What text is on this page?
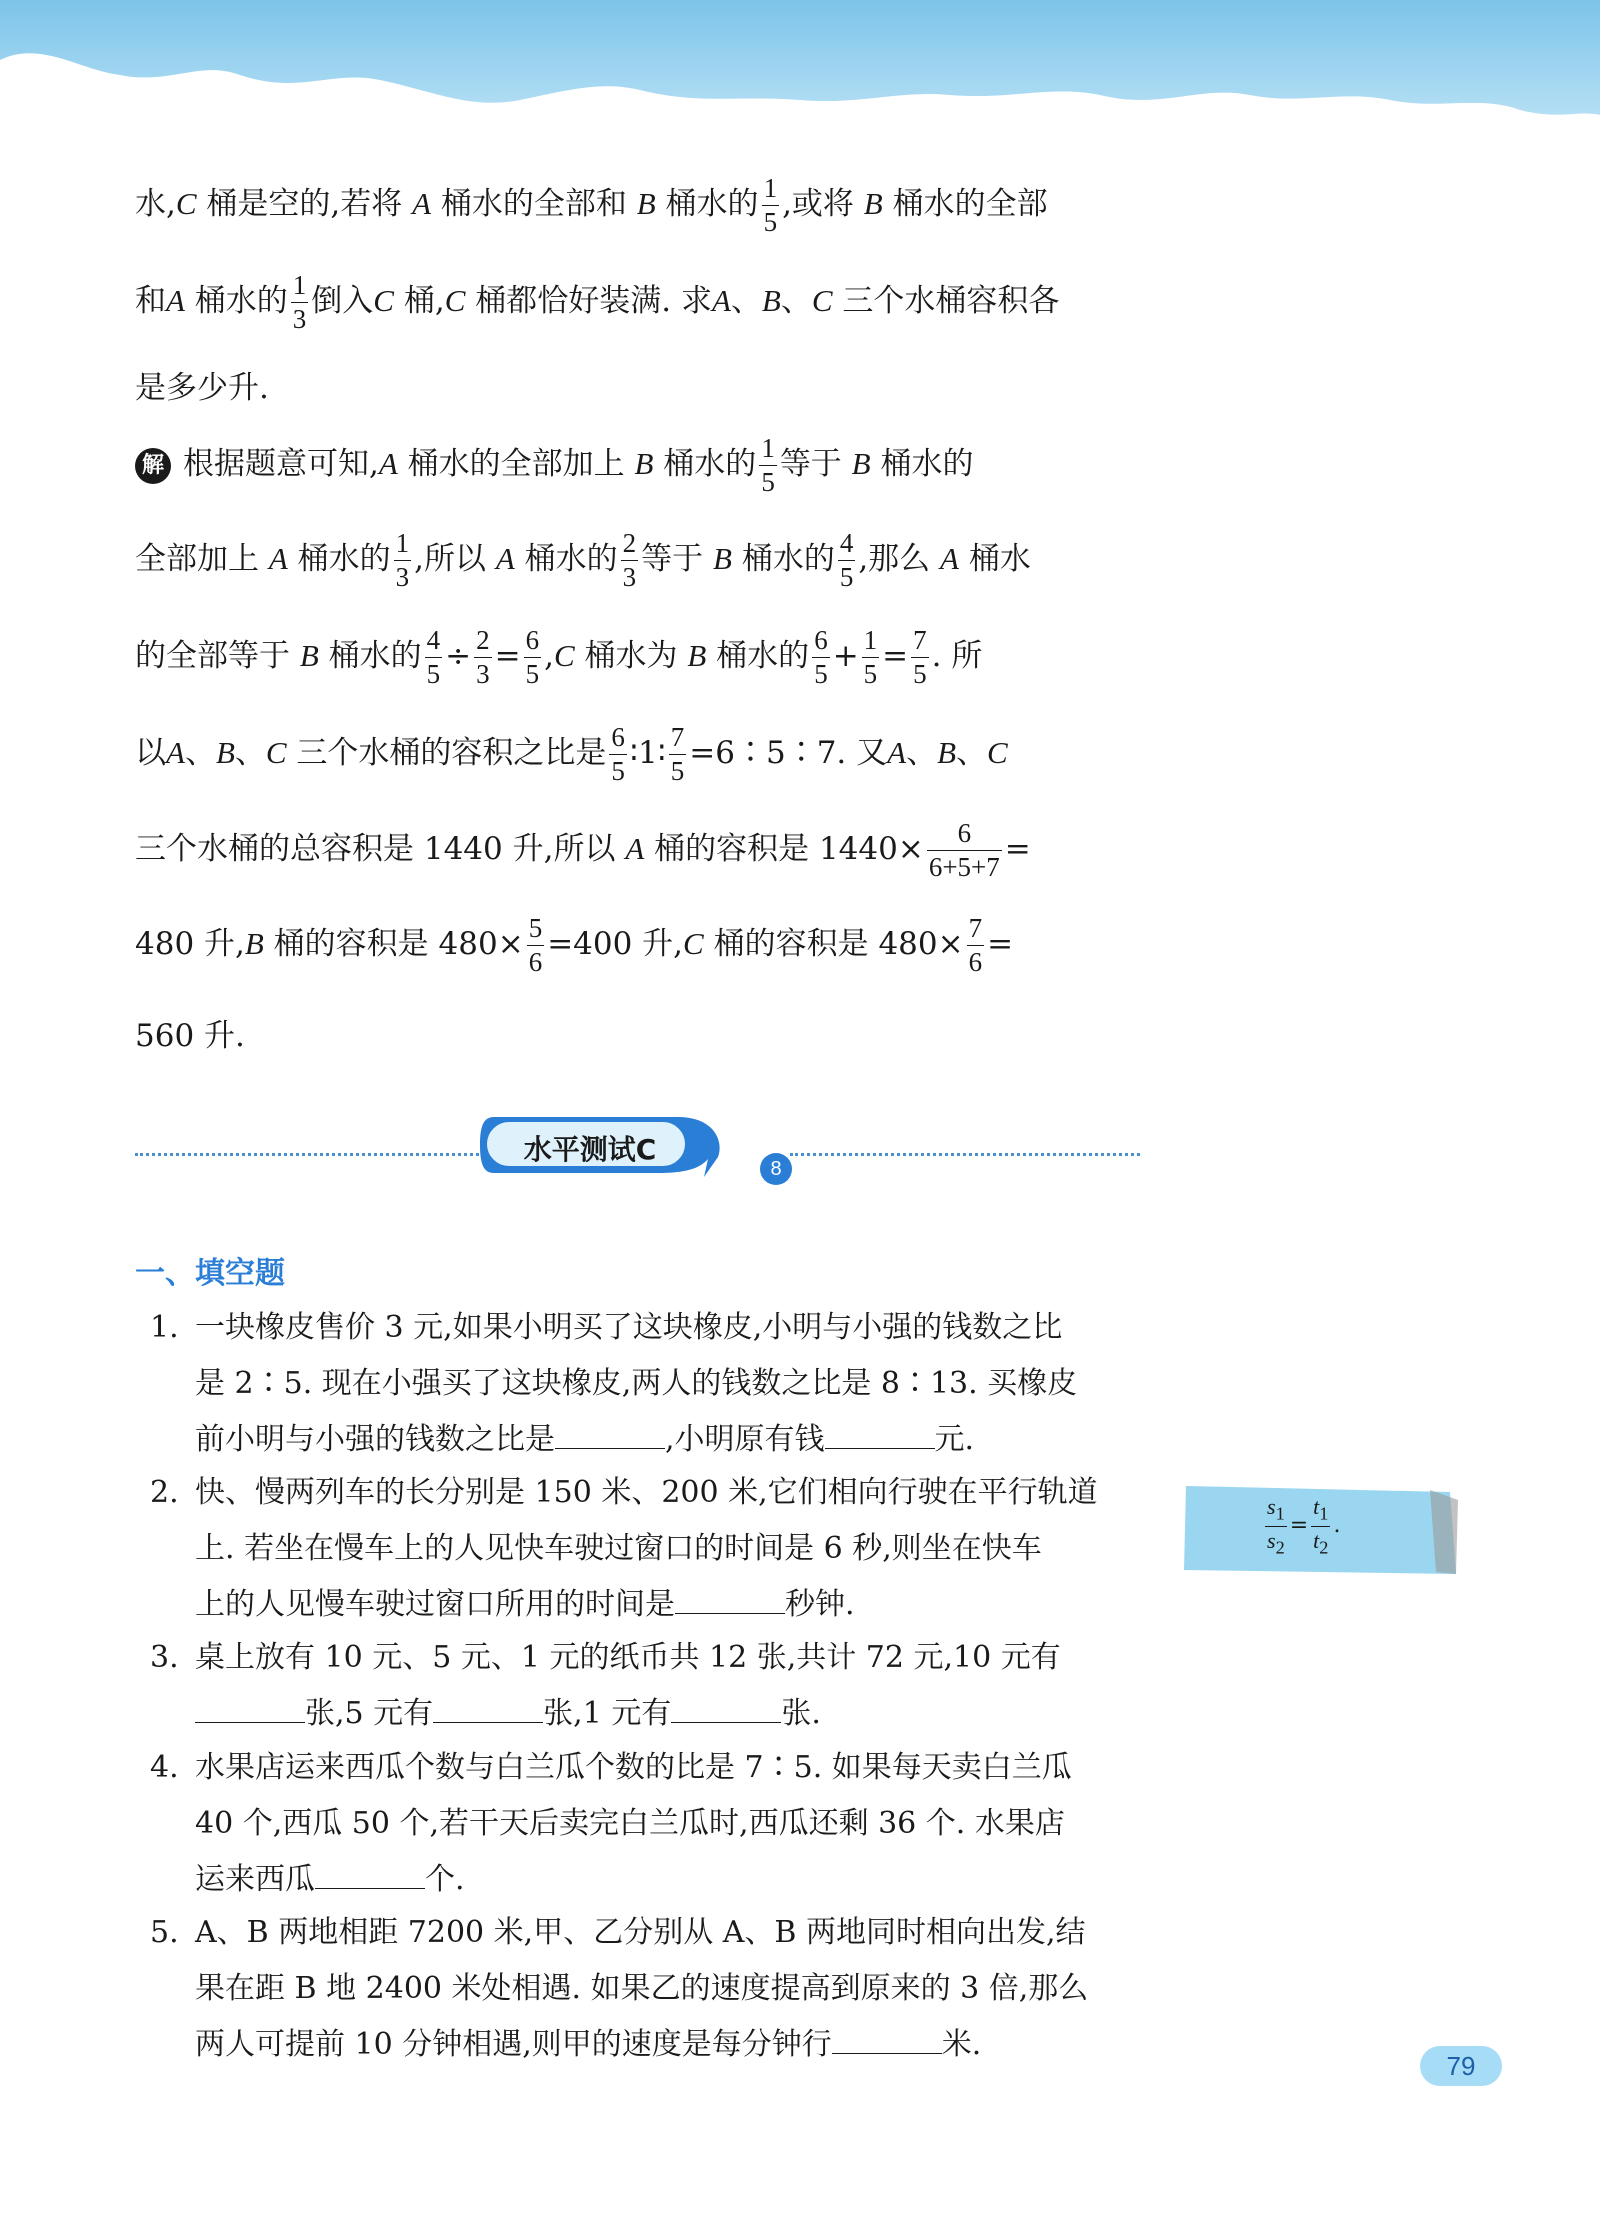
水,C 桶是空的,若将 A 桶水的全部和 B 桶水的 $\frac{1}{5}$ ,或将 B 桶水的全部
和A 桶水的 $\frac{1}{3}$ 倒入C 桶,C 桶都恰好装满. 求A、B、C 三个水桶容积各
是多少升.
解 根据题意可知,A 桶水的全部加上 B 桶水的 $\frac{1}{5}$ 等于 B 桶水的
全部加上 A 桶水的 $\frac{1}{3}$ ,所以 A 桶水的 $\frac{2}{3}$ 等于 B 桶水的 $\frac{4}{5}$ ,那么 A 桶水
的全部等于 B 桶水的 $\frac{4}{5} \div \frac{2}{3} = \frac{6}{5} ,C$ 桶水为 B 桶水的 $\frac{6}{5} + \frac{1}{5} = \frac{7}{5}$ . 所
以A、B、C 三个水桶的容积之比是 $\frac{6}{5}$ ∶1∶ $\frac{7}{5}$ =6∶5∶7. 又A、B、C
三个水桶的总容积是 1440 升,所以 A 桶的容积是 $1440\times \frac{6}{6+5+7}$ =
480 升,B 桶的容积是 $480\times \frac{5}{6} =400$ 升,C 桶的容积是 $480\times \frac{7}{6}$ =
560 升.
水平测试C
8
一、填空题
1. 一块橡皮售价 3 元,如果小明买了这块橡皮,小明与小强的钱数之比
是 2∶5. 现在小强买了这块橡皮,两人的钱数之比是 8∶13. 买橡皮
前小明与小强的钱数之比是	,小明原有钱	元.
2. 快、慢两列车的长分别是 150 米、200 米,它们相向行驶在平行轨道
上. 若坐在慢车上的人见快车驶过窗口的时间是 6 秒,则坐在快车
上的人见慢车驶过窗口所用的时间是	秒钟.
3. 桌上放有 10 元、5 元、1 元的纸币共 12 张,共计 72 元,10 元有
张,5 元有	张,1 元有	张.
4. 水果店运来西瓜个数与白兰瓜个数的比是 7∶5. 如果每天卖白兰瓜
40 个,西瓜 50 个,若干天后卖完白兰瓜时,西瓜还剩 36 个. 水果店
运来西瓜	个.
5. A、B 两地相距 7200 米,甲、乙分别从 A、B 两地同时相向出发,结
果在距 B 地 2400 米处相遇. 如果乙的速度提高到原来的 3 倍,那么
两人可提前 10 分钟相遇,则甲的速度是每分钟行	米.
$\frac{s_1}{s_2} = \frac{t_1}{t_2}$ .
79
